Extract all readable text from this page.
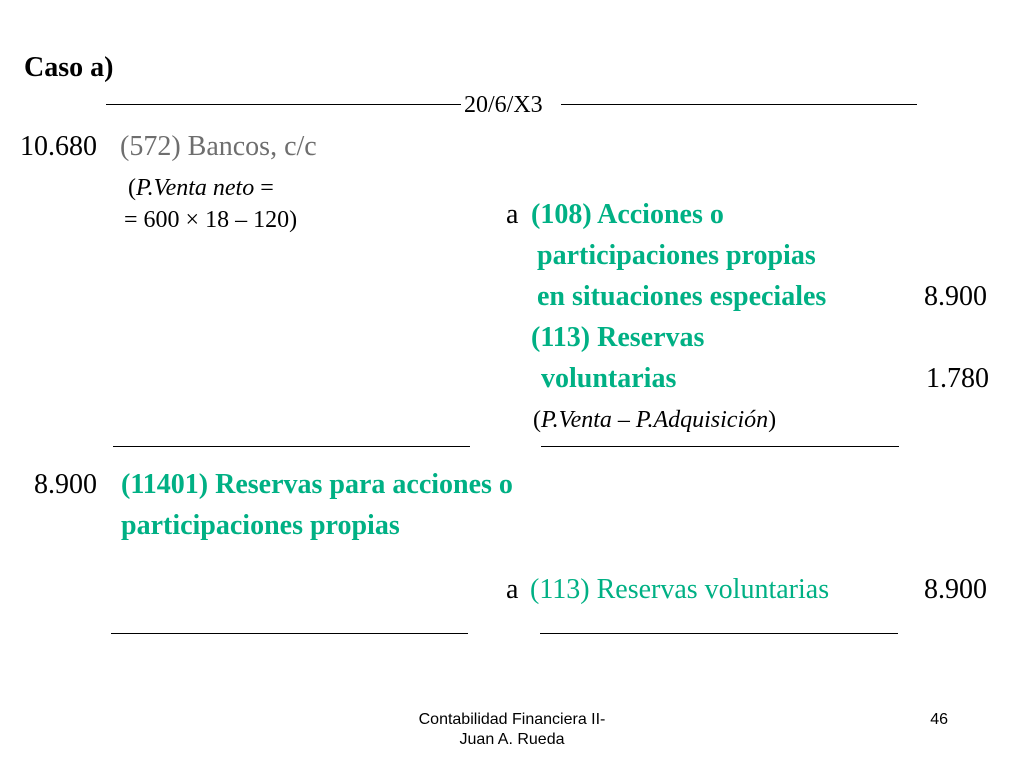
Caso a)
20/6/X3
10.680 (572) Bancos, c/c
(P.Venta neto =
= 600 × 18 – 120)	a (108) Acciones o
participaciones propias
en situaciones especiales	8.900
(113) Reservas
voluntarias	1.780
(P.Venta – P.Adquisición)
8.900 (11401) Reservas para acciones o
participaciones propias
a (113) Reservas voluntarias	8.900
Contabilidad Financiera II-
Juan A. Rueda
46
